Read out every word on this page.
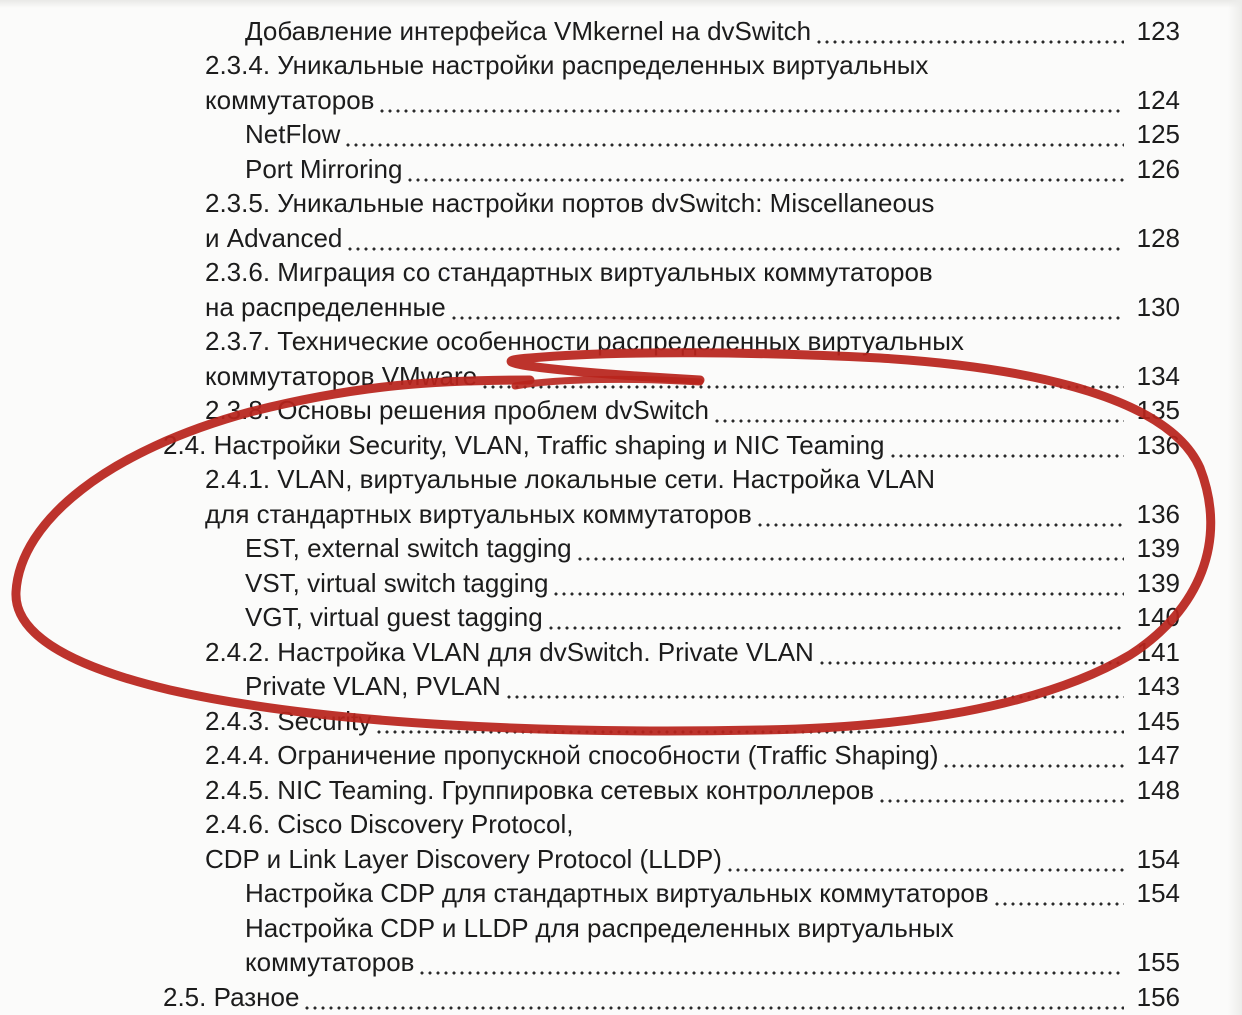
Добавление интерфейса VMkernel на dvSwitch	123
2.3.4. Уникальные настройки распределенных виртуальных
коммутаторов	124
NetFlow	125
Port Mirroring	126
2.3.5. Уникальные настройки портов dvSwitch: Miscellaneous
и Advanced	128
2.3.6. Миграция со стандартных виртуальных коммутаторов
на распределенные	130
2.3.7. Технические особенности распределенных виртуальных
коммутаторов VMware	134
2.3.8. Основы решения проблем dvSwitch	135
2.4. Настройки Security, VLAN, Traffic shaping и NIC Teaming	136
2.4.1. VLAN, виртуальные локальные сети. Настройка VLAN
для стандартных виртуальных коммутаторов	136
EST, external switch tagging	139
VST, virtual switch tagging	139
VGT, virtual guest tagging	140
2.4.2. Настройка VLAN для dvSwitch. Private VLAN	141
Private VLAN, PVLAN	143
2.4.3. Security	145
2.4.4. Ограничение пропускной способности (Traffic Shaping)	147
2.4.5. NIC Teaming. Группировка сетевых контроллеров	148
2.4.6. Cisco Discovery Protocol,
CDP и Link Layer Discovery Protocol (LLDP)	154
Настройка CDP для стандартных виртуальных коммутаторов	154
Настройка CDP и LLDP для распределенных виртуальных
коммутаторов	155
2.5. Разное	156
